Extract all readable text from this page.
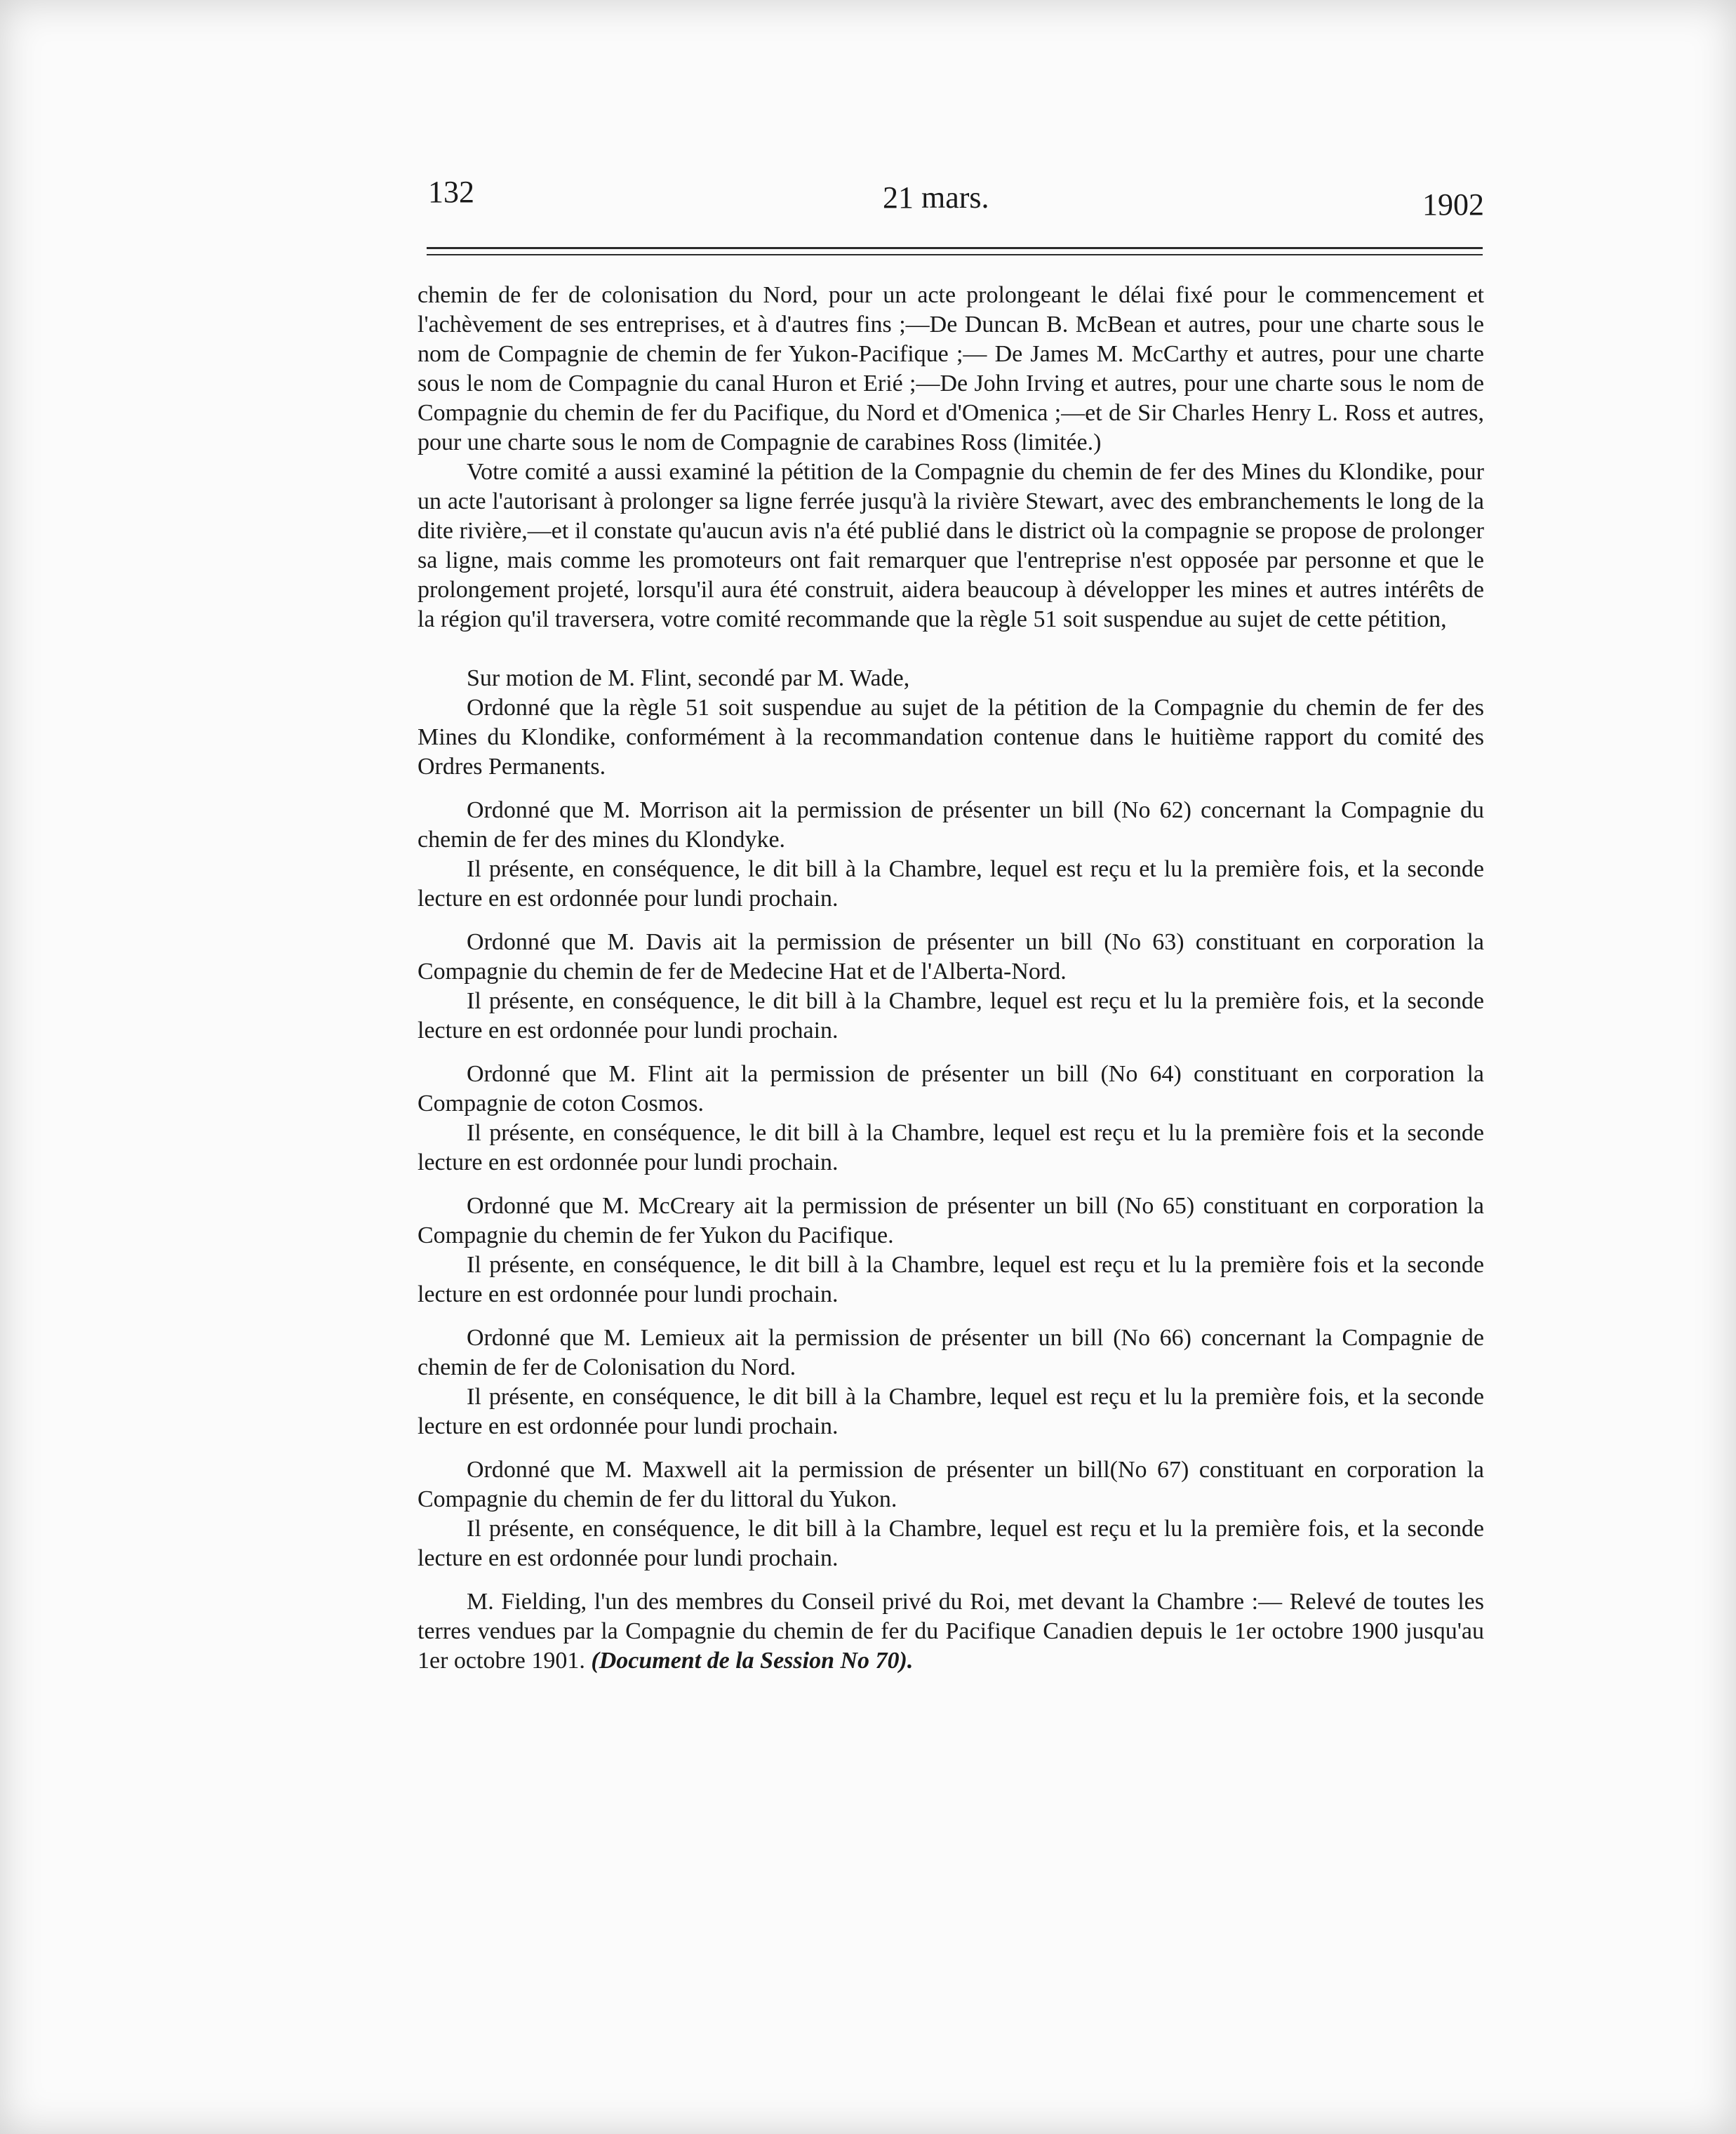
132	21 mars.	1902

chemin de fer de colonisation du Nord, pour un acte prolongeant le délai fixé pour le commencement et l'achèvement de ses entreprises, et à d'autres fins ;—De Duncan B. McBean et autres, pour une charte sous le nom de Compagnie de chemin de fer Yukon-Pacifique ;— De James M. McCarthy et autres, pour une charte sous le nom de Compagnie du canal Huron et Erié ;—De John Irving et autres, pour une charte sous le nom de Compagnie du chemin de fer du Pacifique, du Nord et d'Omenica ;—et de Sir Charles Henry L. Ross et autres, pour une charte sous le nom de Compagnie de carabines Ross (limitée.)

Votre comité a aussi examiné la pétition de la Compagnie du chemin de fer des Mines du Klondike, pour un acte l'autorisant à prolonger sa ligne ferrée jusqu'à la rivière Stewart, avec des embranchements le long de la dite rivière,—et il constate qu'aucun avis n'a été publié dans le district où la compagnie se propose de prolonger sa ligne, mais comme les promoteurs ont fait remarquer que l'entreprise n'est opposée par personne et que le prolongement projeté, lorsqu'il aura été construit, aidera beaucoup à développer les mines et autres intérêts de la région qu'il traversera, votre comité recommande que la règle 51 soit suspendue au sujet de cette pétition,

Sur motion de M. Flint, secondé par M. Wade,

Ordonné que la règle 51 soit suspendue au sujet de la pétition de la Compagnie du chemin de fer des Mines du Klondike, conformément à la recommandation contenue dans le huitième rapport du comité des Ordres Permanents.

Ordonné que M. Morrison ait la permission de présenter un bill (No 62) concernant la Compagnie du chemin de fer des mines du Klondyke.

Il présente, en conséquence, le dit bill à la Chambre, lequel est reçu et lu la première fois, et la seconde lecture en est ordonnée pour lundi prochain.

Ordonné que M. Davis ait la permission de présenter un bill (No 63) constituant en corporation la Compagnie du chemin de fer de Medecine Hat et de l'Alberta-Nord.

Il présente, en conséquence, le dit bill à la Chambre, lequel est reçu et lu la première fois, et la seconde lecture en est ordonnée pour lundi prochain.

Ordonné que M. Flint ait la permission de présenter un bill (No 64) constituant en corporation la Compagnie de coton Cosmos.

Il présente, en conséquence, le dit bill à la Chambre, lequel est reçu et lu la première fois et la seconde lecture en est ordonnée pour lundi prochain.

Ordonné que M. McCreary ait la permission de présenter un bill (No 65) constituant en corporation la Compagnie du chemin de fer Yukon du Pacifique.

Il présente, en conséquence, le dit bill à la Chambre, lequel est reçu et lu la première fois et la seconde lecture en est ordonnée pour lundi prochain.

Ordonné que M. Lemieux ait la permission de présenter un bill (No 66) concernant la Compagnie de chemin de fer de Colonisation du Nord.

Il présente, en conséquence, le dit bill à la Chambre, lequel est reçu et lu la première fois, et la seconde lecture en est ordonnée pour lundi prochain.

Ordonné que M. Maxwell ait la permission de présenter un bill(No 67) constituant en corporation la Compagnie du chemin de fer du littoral du Yukon.

Il présente, en conséquence, le dit bill à la Chambre, lequel est reçu et lu la première fois, et la seconde lecture en est ordonnée pour lundi prochain.

M. Fielding, l'un des membres du Conseil privé du Roi, met devant la Chambre :— Relevé de toutes les terres vendues par la Compagnie du chemin de fer du Pacifique Canadien depuis le 1er octobre 1900 jusqu'au 1er octobre 1901. (Document de la Session No 70).
